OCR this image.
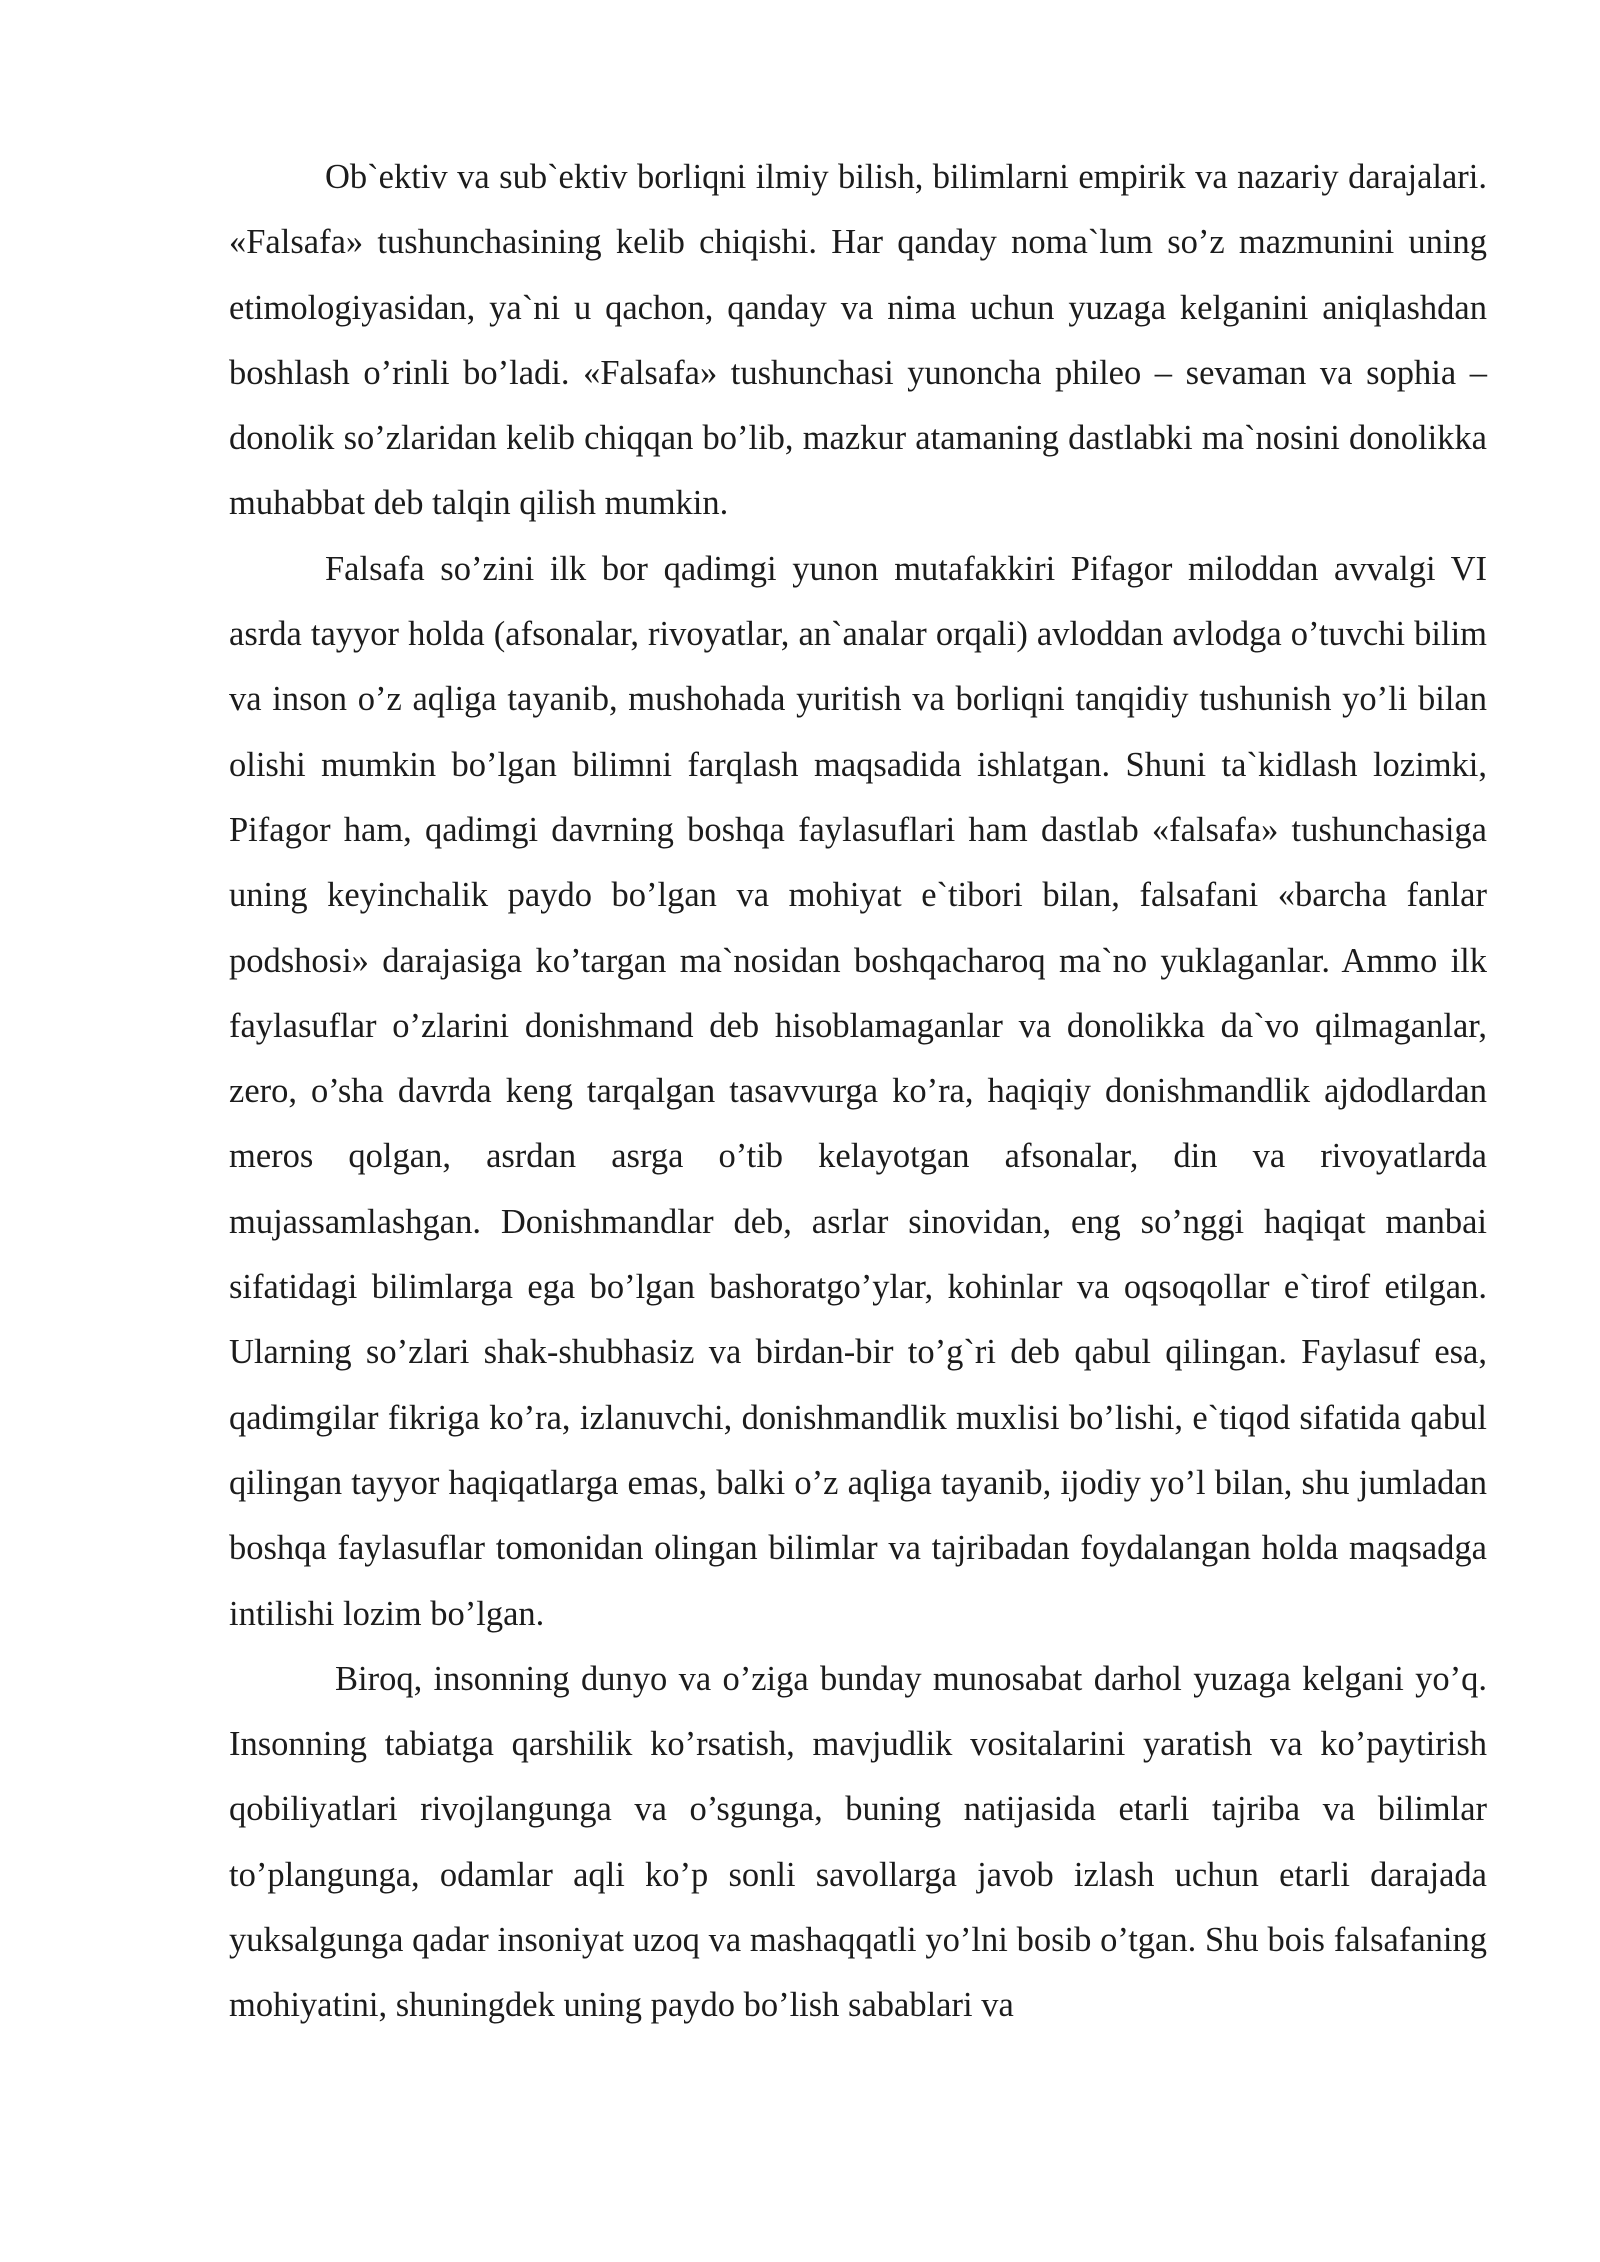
Ob`ektiv va sub`ektiv borliqni ilmiy bilish, bilimlarni empirik va nazariy darajalari. «Falsafa» tushunchasining kelib chiqishi. Har qanday noma`lum so’z mazmunini uning etimologiyasidan, ya`ni u qachon, qanday va nima uchun yuzaga kelganini aniqlashdan boshlash o’rinli bo’ladi. «Falsafa» tushunchasi yunoncha phileo – sevaman va sophia – donolik so’zlaridan kelib chiqqan bo’lib, mazkur atamaning dastlabki ma`nosini donolikka muhabbat deb talqin qilish mumkin.

Falsafa so’zini ilk bor qadimgi yunon mutafakkiri Pifagor miloddan avvalgi VI asrda tayyor holda (afsonalar, rivoyatlar, an`analar orqali) avloddan avlodga o’tuvchi bilim va inson o’z aqliga tayanib, mushohada yuritish va borliqni tanqidiy tushunish yo’li bilan olishi mumkin bo’lgan bilimni farqlash maqsadida ishlatgan. Shuni ta`kidlash lozimki, Pifagor ham, qadimgi davrning boshqa faylasuflari ham dastlab «falsafa» tushunchasiga uning keyinchalik paydo bo’lgan va mohiyat e`tibori bilan, falsafani «barcha fanlar podshosi» darajasiga ko’targan ma`nosidan boshqacharoq ma`no yuklaganlar. Ammo ilk faylasuflar o’zlarini donishmand deb hisoblamaganlar va donolikka da`vo qilmaganlar, zero, o’sha davrda keng tarqalgan tasavvurga ko’ra, haqiqiy donishmandlik ajdodlardan meros qolgan, asrdan asrga o’tib kelayotgan afsonalar, din va rivoyatlarda mujassamlashgan. Donishmandlar deb, asrlar sinovidan, eng so’nggi haqiqat manbai sifatidagi bilimlarga ega bo’lgan bashoratgo’ylar, kohinlar va oqsoqollar e`tirof etilgan. Ularning so’zlari shak-shubhasiz va birdan-bir to’g`ri deb qabul qilingan. Faylasuf esa, qadimgilar fikriga ko’ra, izlanuvchi, donishmandlik muxlisi bo’lishi, e`tiqod sifatida qabul qilingan tayyor haqiqatlarga emas, balki o’z aqliga tayanib, ijodiy yo’l bilan, shu jumladan boshqa faylasuflar tomonidan olingan bilimlar va tajribadan foydalangan holda maqsadga intilishi lozim bo’lgan.

Biroq, insonning dunyo va o’ziga bunday munosabat darhol yuzaga kelgani yo’q. Insonning tabiatga qarshilik ko’rsatish, mavjudlik vositalarini yaratish va ko’paytirish qobiliyatlari rivojlangunga va o’sgunga, buning natijasida etarli tajriba va bilimlar to’plangunga, odamlar aqli ko’p sonli savollarga javob izlash uchun etarli darajada yuksalgunga qadar insoniyat uzoq va mashaqqatli yo’lni bosib o’tgan. Shu bois falsafaning mohiyatini, shuningdek uning paydo bo’lish sabablari va
